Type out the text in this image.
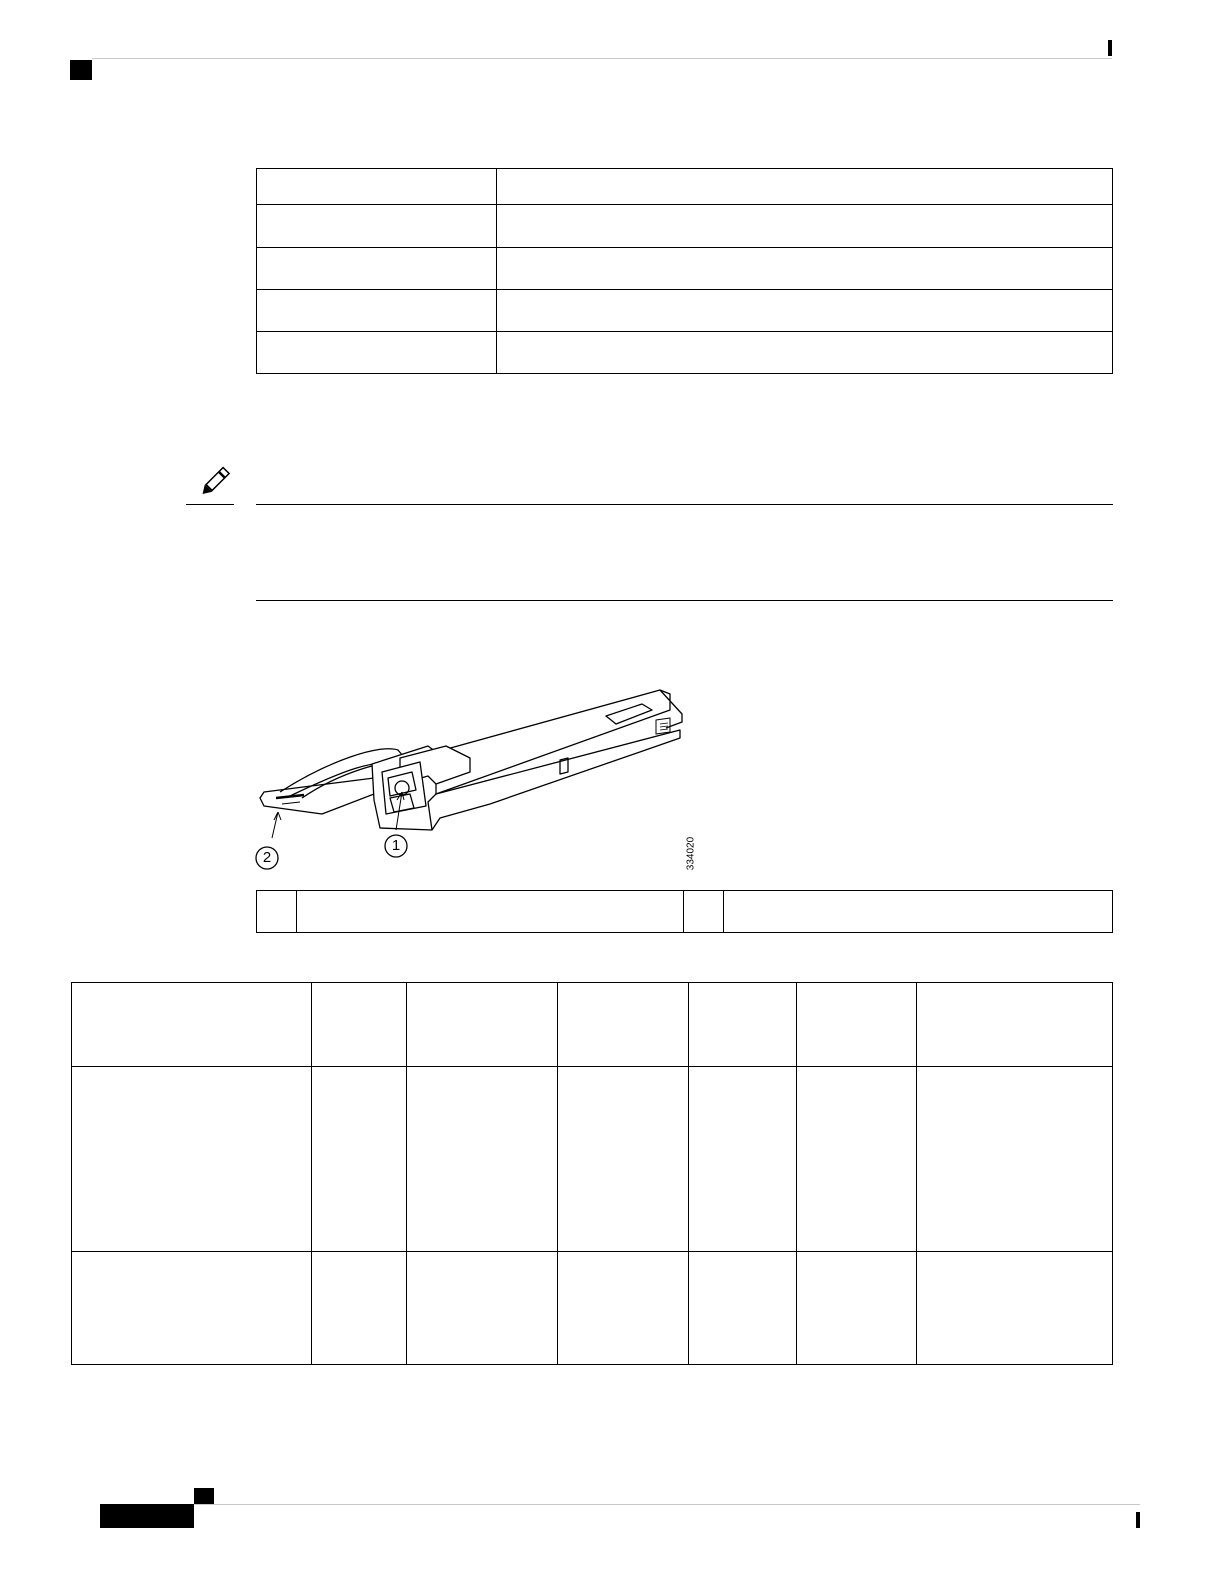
2
1	334020
